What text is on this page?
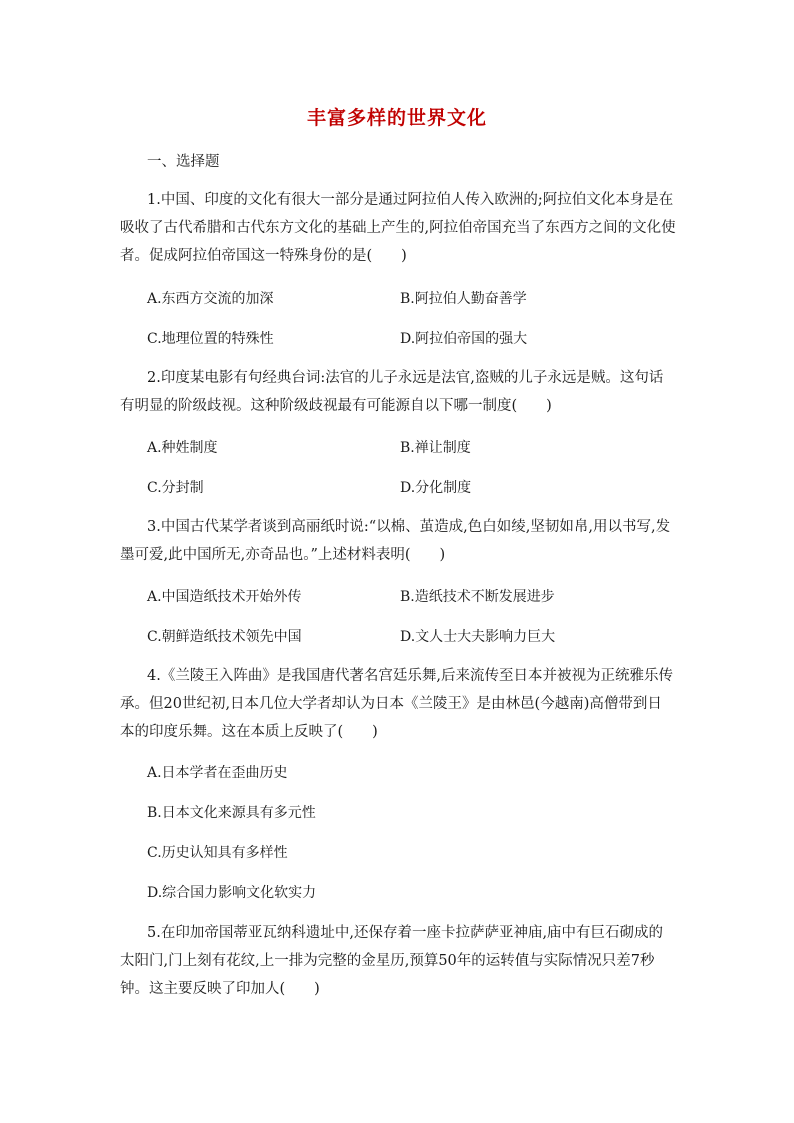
丰富多样的世界文化
一、选择题

1.中国、印度的文化有很大一部分是通过阿拉伯人传入欧洲的;阿拉伯文化本身是在吸收了古代希腊和古代东方文化的基础上产生的,阿拉伯帝国充当了东西方之间的文化使者。促成阿拉伯帝国这一特殊身份的是(　　)

A.东西方交流的加深	B.阿拉伯人勤奋善学
C.地理位置的特殊性	D.阿拉伯帝国的强大

2.印度某电影有句经典台词:法官的儿子永远是法官,盗贼的儿子永远是贼。这句话有明显的阶级歧视。这种阶级歧视最有可能源自以下哪一制度(　　)

A.种姓制度	B.禅让制度
C.分封制	D.分化制度

3.中国古代某学者谈到高丽纸时说:“以棉、茧造成,色白如绫,坚韧如帛,用以书写,发墨可爱,此中国所无,亦奇品也。”上述材料表明(　　)

A.中国造纸技术开始外传	B.造纸技术不断发展进步
C.朝鲜造纸技术领先中国	D.文人士大夫影响力巨大

4.《兰陵王入阵曲》是我国唐代著名宫廷乐舞,后来流传至日本并被视为正统雅乐传承。但20世纪初,日本几位大学者却认为日本《兰陵王》是由林邑(今越南)高僧带到日本的印度乐舞。这在本质上反映了(　　)

A.日本学者在歪曲历史
B.日本文化来源具有多元性
C.历史认知具有多样性
D.综合国力影响文化软实力

5.在印加帝国蒂亚瓦纳科遗址中,还保存着一座卡拉萨萨亚神庙,庙中有巨石砌成的太阳门,门上刻有花纹,上一排为完整的金星历,预算50年的运转值与实际情况只差7秒钟。这主要反映了印加人(　　)
